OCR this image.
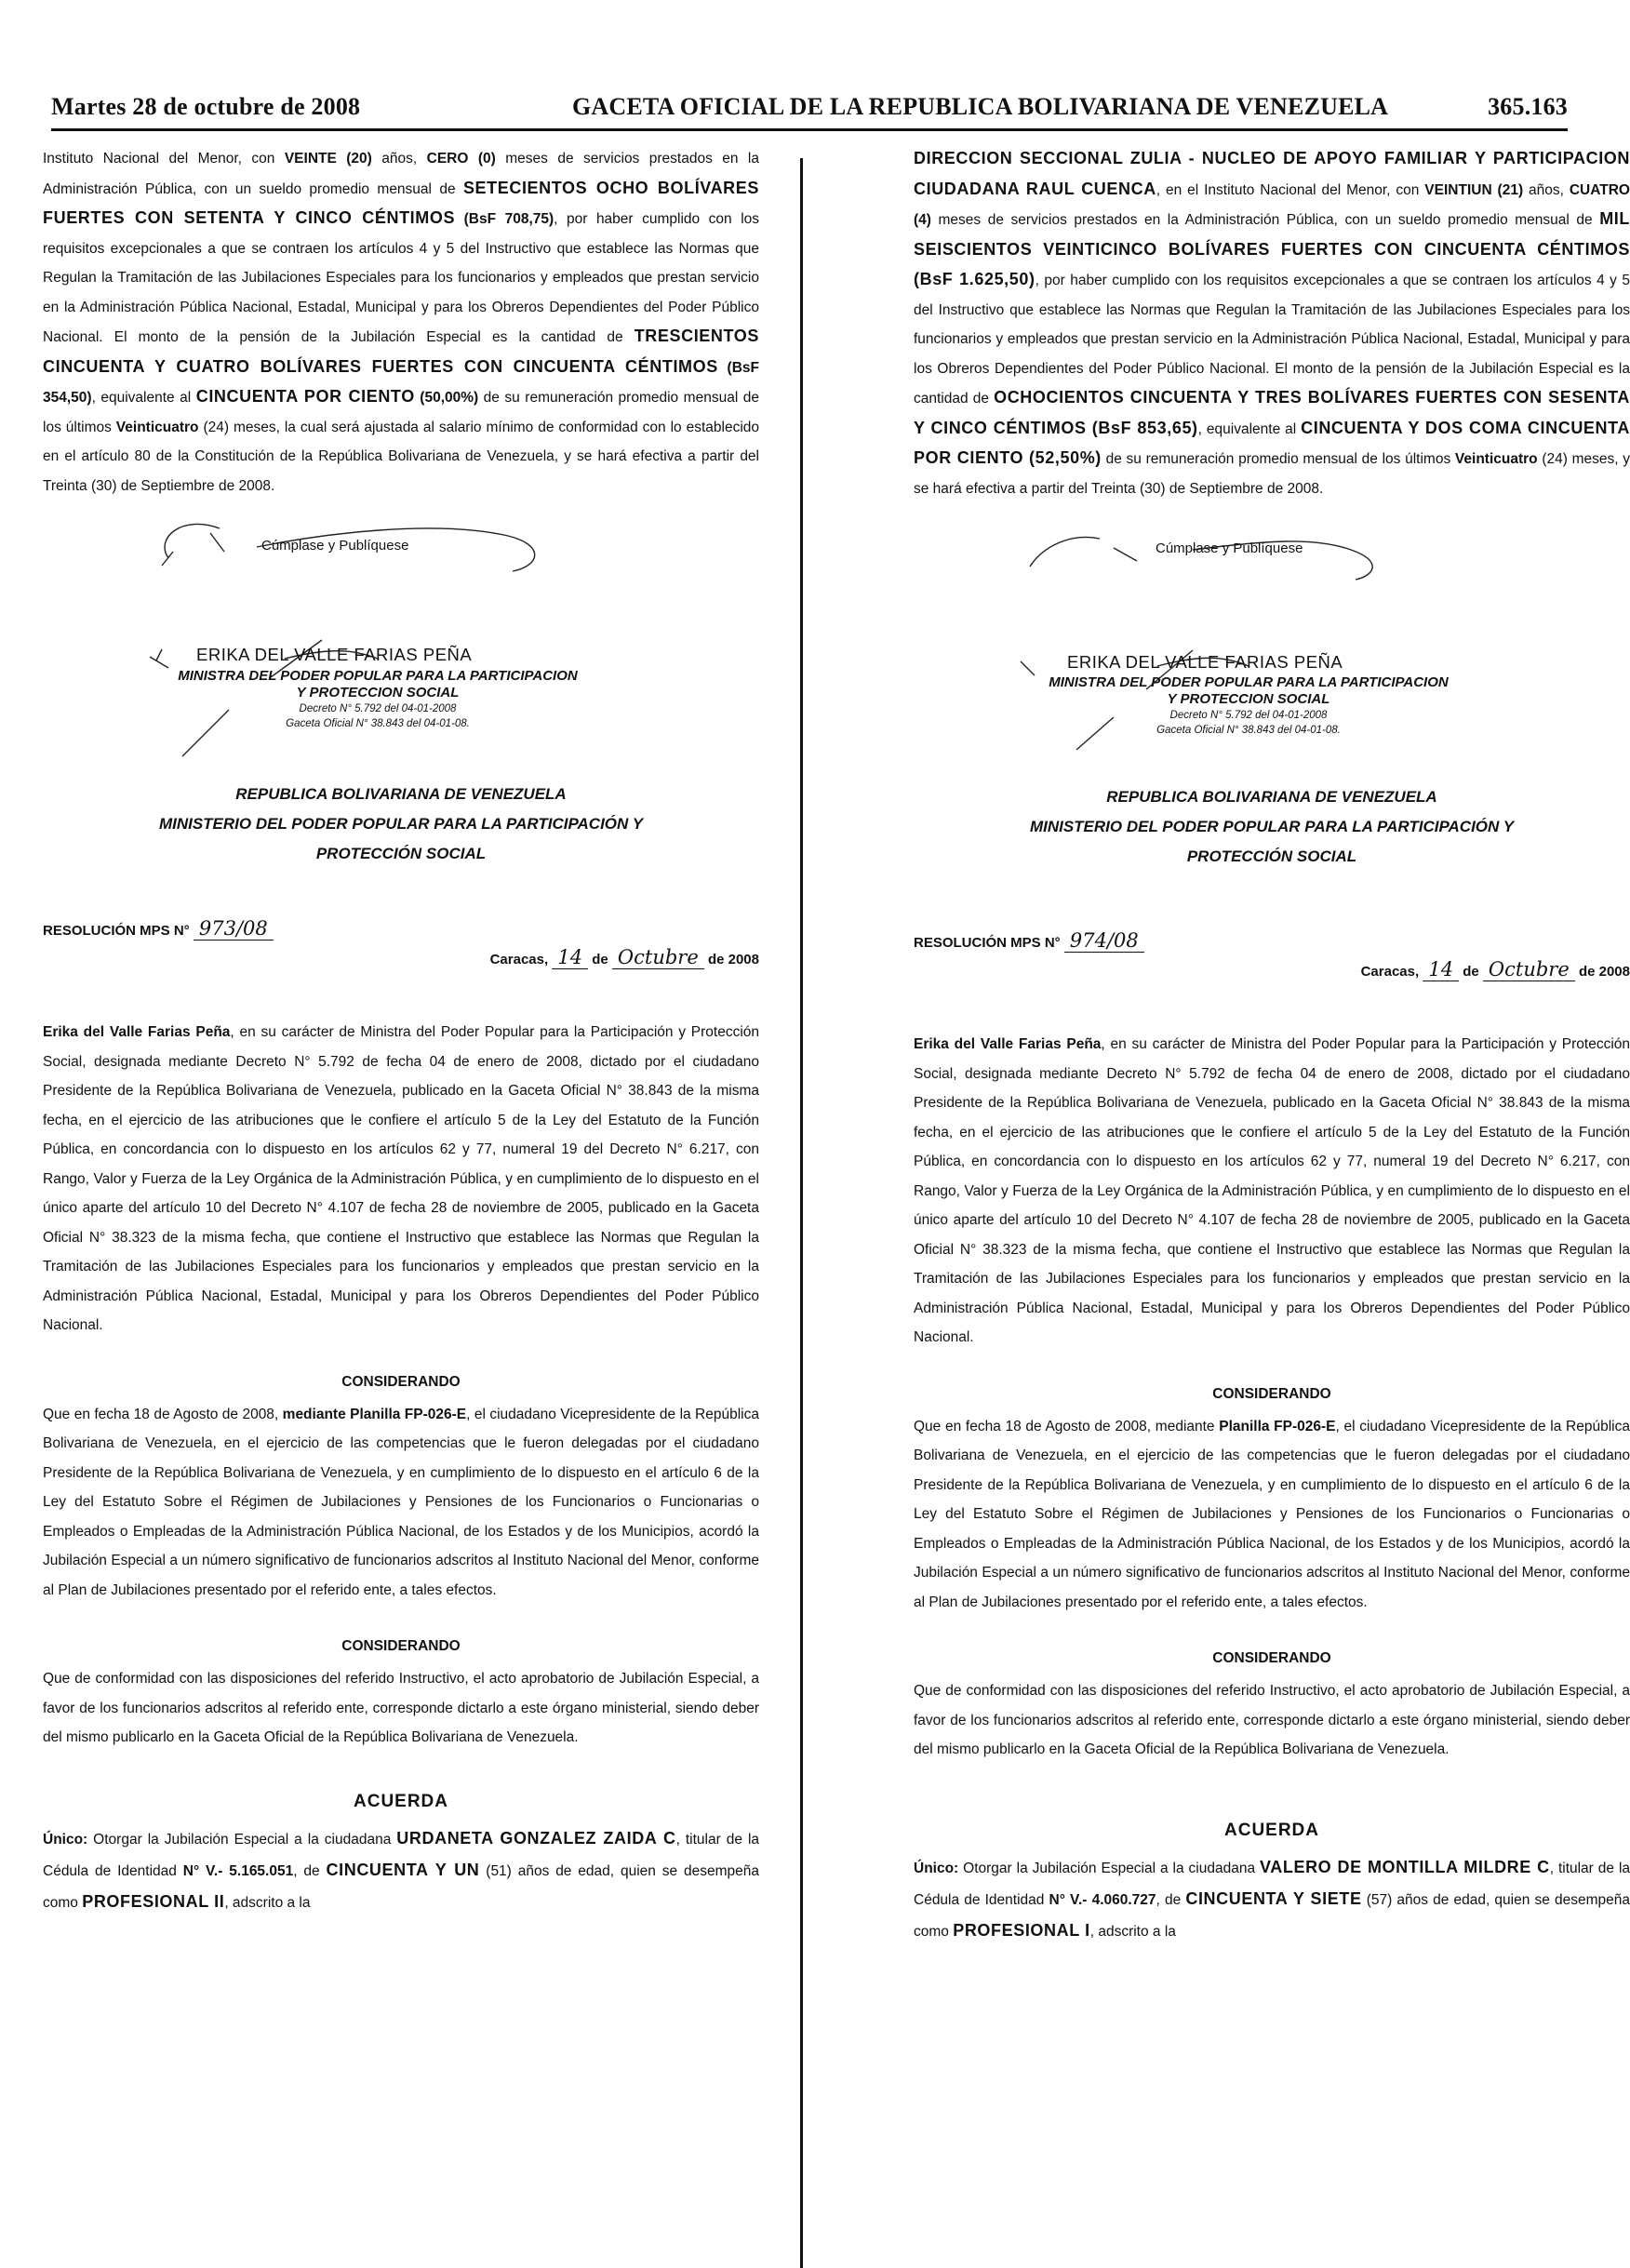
Martes 28 de octubre de 2008	GACETA OFICIAL DE LA REPUBLICA BOLIVARIANA DE VENEZUELA	365.163

Instituto Nacional del Menor, con VEINTE (20) años, CERO (0) meses de servicios prestados en la Administración Pública, con un sueldo promedio mensual de SETECIENTOS OCHO BOLÍVARES FUERTES CON SETENTA Y CINCO CÉNTIMOS (BsF 708,75), por haber cumplido con los requisitos excepcionales a que se contraen los artículos 4 y 5 del Instructivo que establece las Normas que Regulan la Tramitación de las Jubilaciones Especiales para los funcionarios y empleados que prestan servicio en la Administración Pública Nacional, Estadal, Municipal y para los Obreros Dependientes del Poder Público Nacional. El monto de la pensión de la Jubilación Especial es la cantidad de TRESCIENTOS CINCUENTA Y CUATRO BOLÍVARES FUERTES CON CINCUENTA CÉNTIMOS (BsF 354,50), equivalente al CINCUENTA POR CIENTO (50,00%) de su remuneración promedio mensual de los últimos Veinticuatro (24) meses, la cual será ajustada al salario mínimo de conformidad con lo establecido en el artículo 80 de la Constitución de la República Bolivariana de Venezuela, y se hará efectiva a partir del Treinta (30) de Septiembre de 2008.

Cúmplase y Publíquese
ERIKA DEL VALLE FARIAS PEÑA
MINISTRA DEL PODER POPULAR PARA LA PARTICIPACION
Y PROTECCION SOCIAL
Decreto N° 5.792 del 04-01-2008
Gaceta Oficial N° 38.843 del 04-01-08.
REPUBLICA BOLIVARIANA DE VENEZUELA
MINISTERIO DEL PODER POPULAR PARA LA PARTICIPACIÓN Y
PROTECCIÓN SOCIAL
RESOLUCIÓN MPS N° 973/08
Caracas, 14 de Octubre de 2008

Erika del Valle Farias Peña, en su carácter de Ministra del Poder Popular para la Participación y Protección Social, designada mediante Decreto N° 5.792 de fecha 04 de enero de 2008, dictado por el ciudadano Presidente de la República Bolivariana de Venezuela, publicado en la Gaceta Oficial N° 38.843 de la misma fecha, en el ejercicio de las atribuciones que le confiere el artículo 5 de la Ley del Estatuto de la Función Pública, en concordancia con lo dispuesto en los artículos 62 y 77, numeral 19 del Decreto N° 6.217, con Rango, Valor y Fuerza de la Ley Orgánica de la Administración Pública, y en cumplimiento de lo dispuesto en el único aparte del artículo 10 del Decreto N° 4.107 de fecha 28 de noviembre de 2005, publicado en la Gaceta Oficial N° 38.323 de la misma fecha, que contiene el Instructivo que establece las Normas que Regulan la Tramitación de las Jubilaciones Especiales para los funcionarios y empleados que prestan servicio en la Administración Pública Nacional, Estadal, Municipal y para los Obreros Dependientes del Poder Público Nacional.

CONSIDERANDO

Que en fecha 18 de Agosto de 2008, mediante Planilla FP-026-E, el ciudadano Vicepresidente de la República Bolivariana de Venezuela, en el ejercicio de las competencias que le fueron delegadas por el ciudadano Presidente de la República Bolivariana de Venezuela, y en cumplimiento de lo dispuesto en el artículo 6 de la Ley del Estatuto Sobre el Régimen de Jubilaciones y Pensiones de los Funcionarios o Funcionarias o Empleados o Empleadas de la Administración Pública Nacional, de los Estados y de los Municipios, acordó la Jubilación Especial a un número significativo de funcionarios adscritos al Instituto Nacional del Menor, conforme al Plan de Jubilaciones presentado por el referido ente, a tales efectos.

CONSIDERANDO

Que de conformidad con las disposiciones del referido Instructivo, el acto aprobatorio de Jubilación Especial, a favor de los funcionarios adscritos al referido ente, corresponde dictarlo a este órgano ministerial, siendo deber del mismo publicarlo en la Gaceta Oficial de la República Bolivariana de Venezuela.

ACUERDA

Único: Otorgar la Jubilación Especial a la ciudadana URDANETA GONZALEZ ZAIDA C, titular de la Cédula de Identidad N° V.- 5.165.051, de CINCUENTA Y UN (51) años de edad, quien se desempeña como PROFESIONAL II, adscrito a la

DIRECCION SECCIONAL ZULIA - NUCLEO DE APOYO FAMILIAR Y PARTICIPACION CIUDADANA RAUL CUENCA, en el Instituto Nacional del Menor, con VEINTIUN (21) años, CUATRO (4) meses de servicios prestados en la Administración Pública, con un sueldo promedio mensual de MIL SEISCIENTOS VEINTICINCO BOLÍVARES FUERTES CON CINCUENTA CÉNTIMOS (BsF 1.625,50), por haber cumplido con los requisitos excepcionales a que se contraen los artículos 4 y 5 del Instructivo que establece las Normas que Regulan la Tramitación de las Jubilaciones Especiales para los funcionarios y empleados que prestan servicio en la Administración Pública Nacional, Estadal, Municipal y para los Obreros Dependientes del Poder Público Nacional. El monto de la pensión de la Jubilación Especial es la cantidad de OCHOCIENTOS CINCUENTA Y TRES BOLÍVARES FUERTES CON SESENTA Y CINCO CÉNTIMOS (BsF 853,65), equivalente al CINCUENTA Y DOS COMA CINCUENTA POR CIENTO (52,50%) de su remuneración promedio mensual de los últimos Veinticuatro (24) meses, y se hará efectiva a partir del Treinta (30) de Septiembre de 2008.

Cúmplase y Publíquese
ERIKA DEL VALLE FARIAS PEÑA
MINISTRA DEL PODER POPULAR PARA LA PARTICIPACION
Y PROTECCION SOCIAL
Decreto N° 5.792 del 04-01-2008
Gaceta Oficial N° 38.843 del 04-01-08.
REPUBLICA BOLIVARIANA DE VENEZUELA
MINISTERIO DEL PODER POPULAR PARA LA PARTICIPACIÓN Y
PROTECCIÓN SOCIAL
RESOLUCIÓN MPS N° 974/08
Caracas, 14 de Octubre de 2008

Erika del Valle Farias Peña, en su carácter de Ministra del Poder Popular para la Participación y Protección Social, designada mediante Decreto N° 5.792 de fecha 04 de enero de 2008, dictado por el ciudadano Presidente de la República Bolivariana de Venezuela, publicado en la Gaceta Oficial N° 38.843 de la misma fecha, en el ejercicio de las atribuciones que le confiere el artículo 5 de la Ley del Estatuto de la Función Pública, en concordancia con lo dispuesto en los artículos 62 y 77, numeral 19 del Decreto N° 6.217, con Rango, Valor y Fuerza de la Ley Orgánica de la Administración Pública, y en cumplimiento de lo dispuesto en el único aparte del artículo 10 del Decreto N° 4.107 de fecha 28 de noviembre de 2005, publicado en la Gaceta Oficial N° 38.323 de la misma fecha, que contiene el Instructivo que establece las Normas que Regulan la Tramitación de las Jubilaciones Especiales para los funcionarios y empleados que prestan servicio en la Administración Pública Nacional, Estadal, Municipal y para los Obreros Dependientes del Poder Público Nacional.

CONSIDERANDO

Que en fecha 18 de Agosto de 2008, mediante Planilla FP-026-E, el ciudadano Vicepresidente de la República Bolivariana de Venezuela, en el ejercicio de las competencias que le fueron delegadas por el ciudadano Presidente de la República Bolivariana de Venezuela, y en cumplimiento de lo dispuesto en el artículo 6 de la Ley del Estatuto Sobre el Régimen de Jubilaciones y Pensiones de los Funcionarios o Funcionarias o Empleados o Empleadas de la Administración Pública Nacional, de los Estados y de los Municipios, acordó la Jubilación Especial a un número significativo de funcionarios adscritos al Instituto Nacional del Menor, conforme al Plan de Jubilaciones presentado por el referido ente, a tales efectos.

CONSIDERANDO

Que de conformidad con las disposiciones del referido Instructivo, el acto aprobatorio de Jubilación Especial, a favor de los funcionarios adscritos al referido ente, corresponde dictarlo a este órgano ministerial, siendo deber del mismo publicarlo en la Gaceta Oficial de la República Bolivariana de Venezuela.

ACUERDA

Único: Otorgar la Jubilación Especial a la ciudadana VALERO DE MONTILLA MILDRE C, titular de la Cédula de Identidad N° V.- 4.060.727, de CINCUENTA Y SIETE (57) años de edad, quien se desempeña como PROFESIONAL I, adscrito a la
